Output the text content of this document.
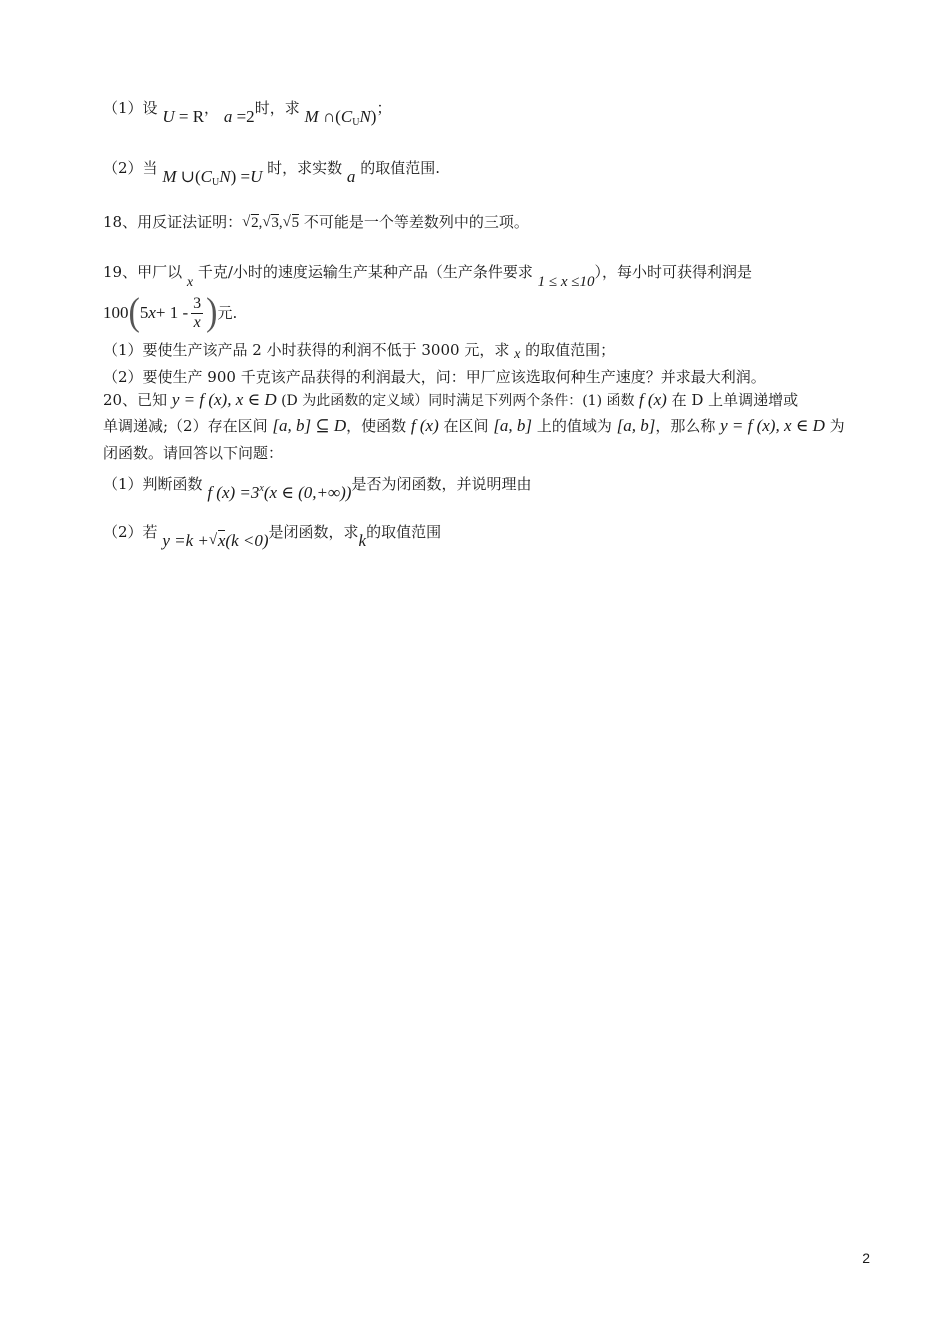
（1）设 U = R， a =2时，求 M $\cap(C_UN)$；
（2）当 M $\cup(C_UN) =U$ 时，求实数 a 的取值范围.
18、用反证法证明： √ 2, √ 3, √ 5 不可能是一个等差数列中的三项。
19、甲厂以 x 千克/小时的速度运输生产某种产品（生产条件要求 1 ≤ x ≤10），每小时可获得利润是
100 ( 5 $x + 1 - \frac{3}{x}$ ) 元.
（1）要使生产该产品 2 小时获得的利润不低于 3000 元，求 x 的取值范围；
（2）要使生产 900 千克该产品获得的利润最大，问：甲厂应该选取何种生产速度？并求最大利润。
20、已知 y = f (x), x ∈ D (D 为此函数的定义域）同时满足下列两个条件：(1) 函数 f (x) 在 D 上单调递增或
单调递减;（2）存在区间 [a, b] ⊆ D，使函数 f (x) 在区间 [a, b] 上的值域为 [a, b]，那么称 y = f (x), x ∈ D 为
闭函数。请回答以下问题：
（1）判断函数 f $(x) =3^x(x$ ∈ (0,+∞))是否为闭函数，并说明理由
（2）若 y =k + √ x(k <0)是闭函数，求k的取值范围
2
